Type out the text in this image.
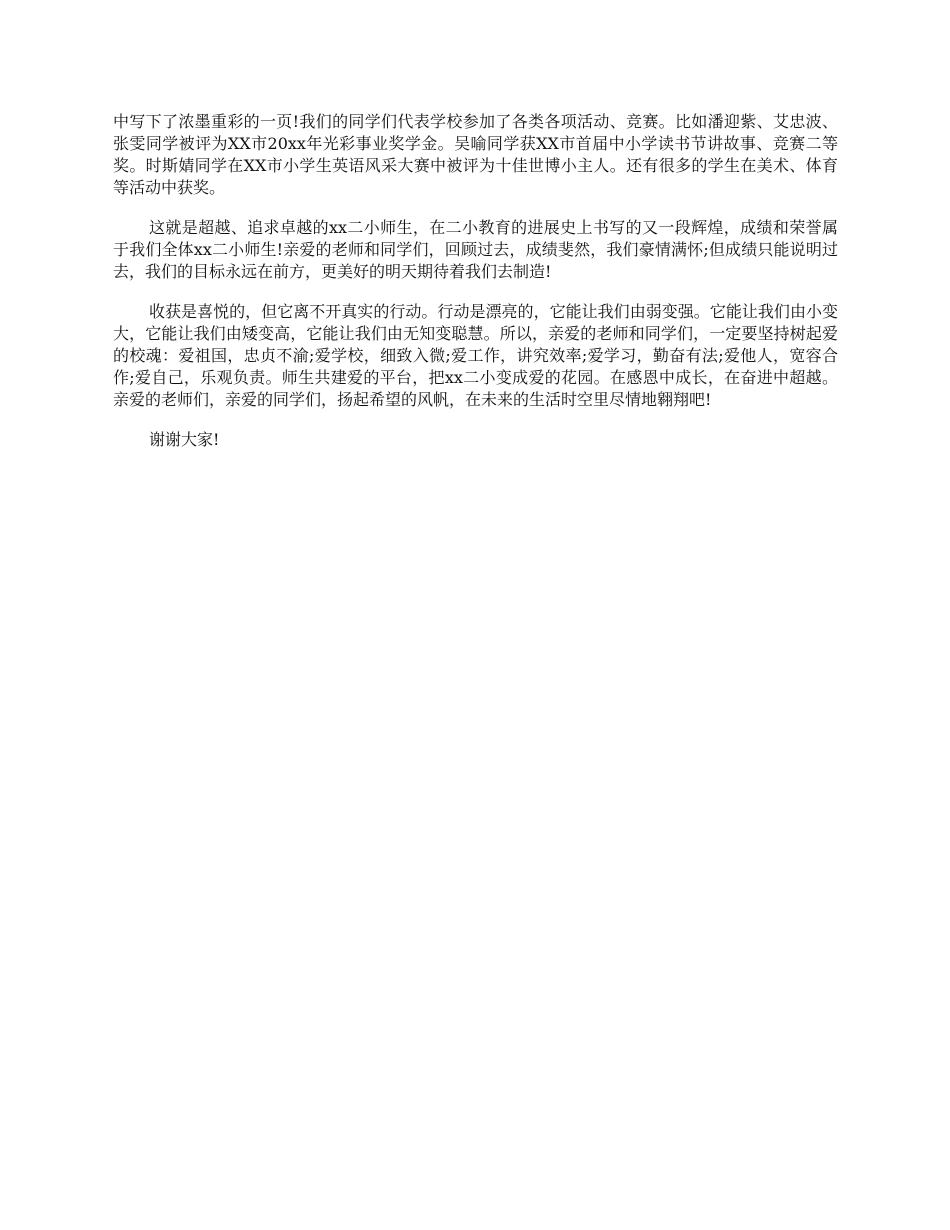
中写下了浓墨重彩的一页!我们的同学们代表学校参加了各类各项活动、竞赛。比如潘迎紫、艾忠波、张雯同学被评为XX市20xx年光彩事业奖学金。吴喻同学获XX市首届中小学读书节讲故事、竞赛二等奖。时斯婧同学在XX市小学生英语风采大赛中被评为十佳世博小主人。还有很多的学生在美术、体育等活动中获奖。

这就是超越、追求卓越的xx二小师生，在二小教育的进展史上书写的又一段辉煌，成绩和荣誉属于我们全体xx二小师生!亲爱的老师和同学们，回顾过去，成绩斐然，我们豪情满怀;但成绩只能说明过去，我们的目标永远在前方，更美好的明天期待着我们去制造!

收获是喜悦的，但它离不开真实的行动。行动是漂亮的，它能让我们由弱变强。它能让我们由小变大，它能让我们由矮变高，它能让我们由无知变聪慧。所以，亲爱的老师和同学们，一定要坚持树起爱的校魂：爱祖国，忠贞不渝;爱学校，细致入微;爱工作，讲究效率;爱学习，勤奋有法;爱他人，宽容合作;爱自己，乐观负责。师生共建爱的平台，把xx二小变成爱的花园。在感恩中成长，在奋进中超越。亲爱的老师们，亲爱的同学们，扬起希望的风帆，在未来的生活时空里尽情地翱翔吧!

谢谢大家!
